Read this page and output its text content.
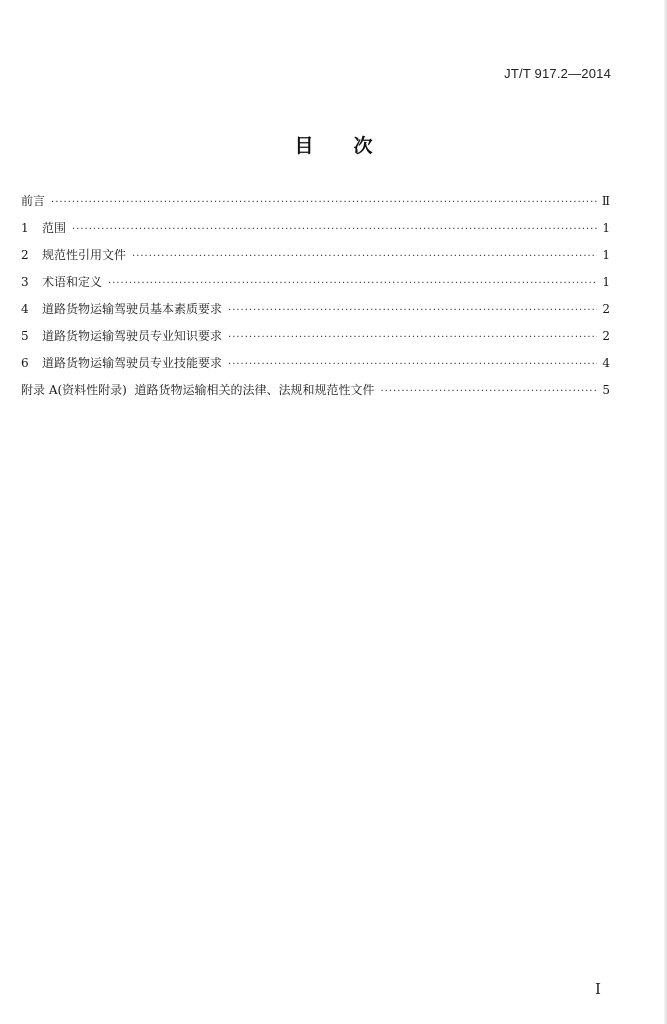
JT/T 917.2—2014
目 次
前言 ·····	Ⅱ
1	范围 ·····	1
2	规范性引用文件 ·····	1
3	术语和定义 ·····	1
4	道路货物运输驾驶员基本素质要求 ·····	2
5	道路货物运输驾驶员专业知识要求 ·····	2
6	道路货物运输驾驶员专业技能要求 ·····	4
附录 A(资料性附录)  道路货物运输相关的法律、法规和规范性文件 ·····	5
I
